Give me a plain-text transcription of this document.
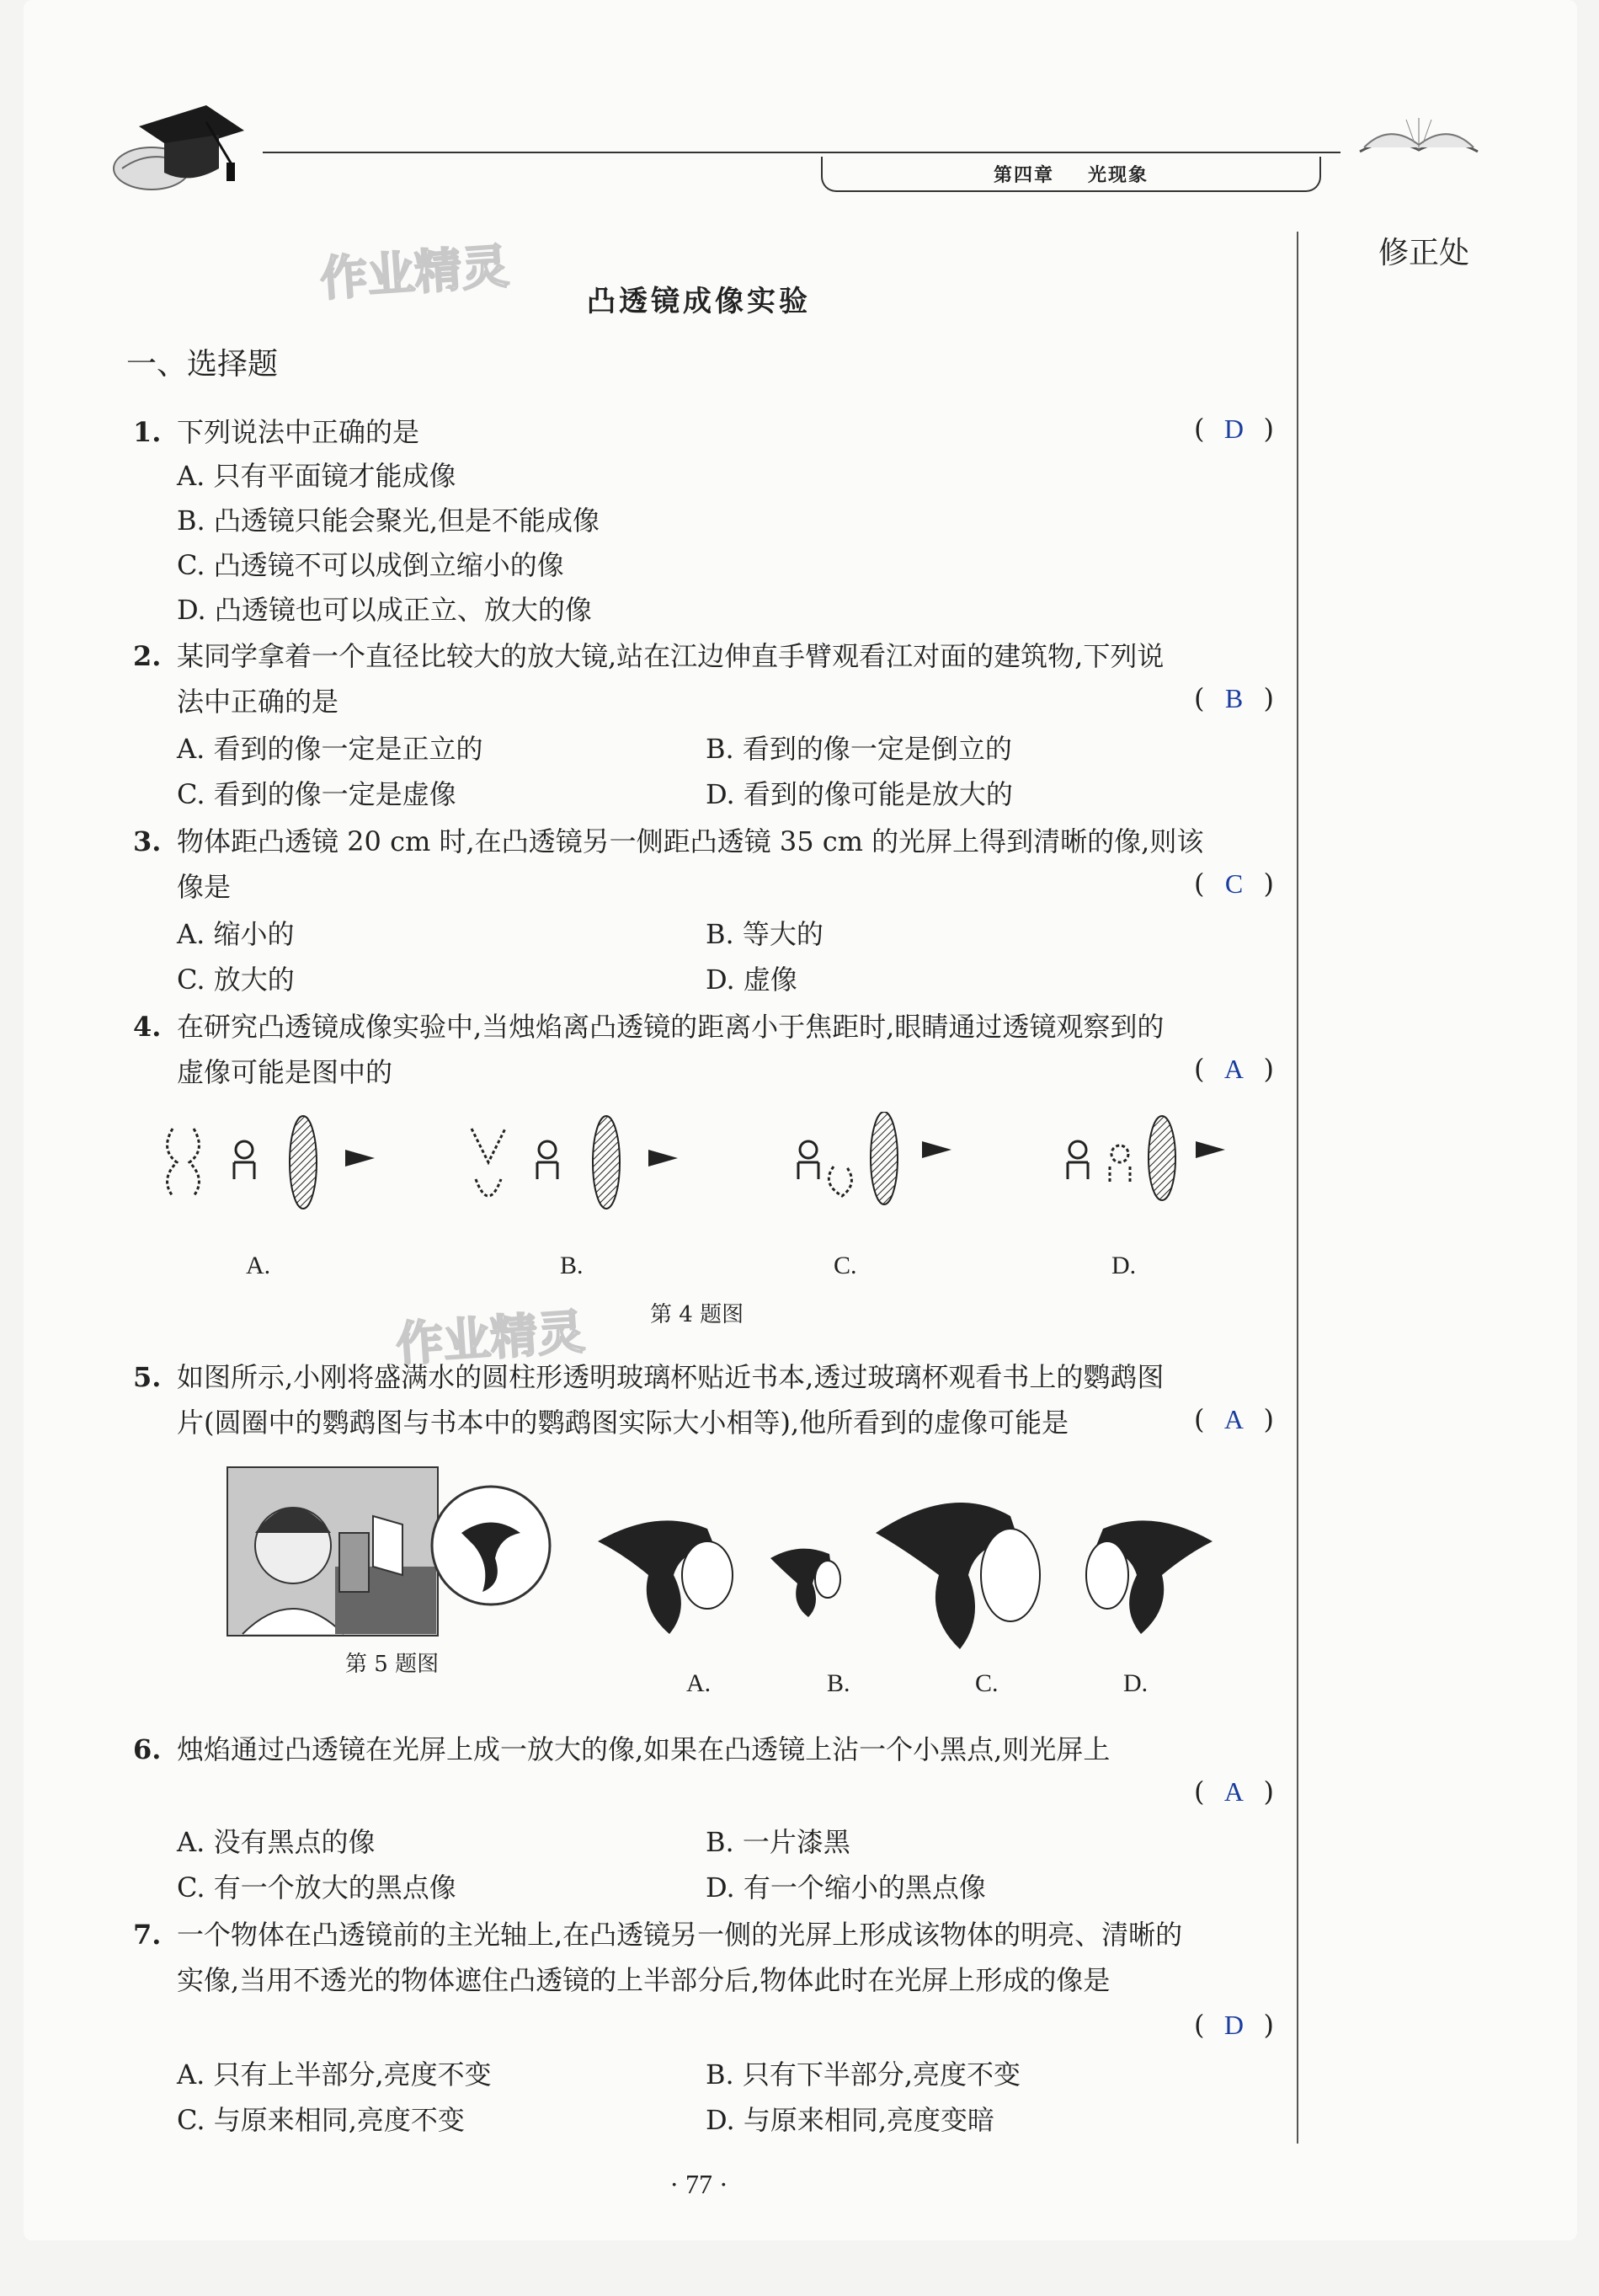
第四章 光现象
修正处
作业精灵
作业精灵
凸透镜成像实验
一、选择题
1. 下列说法中正确的是	( D )
A. 只有平面镜才能成像
B. 凸透镜只能会聚光,但是不能成像
C. 凸透镜不可以成倒立缩小的像
D. 凸透镜也可以成正立、放大的像
2. 某同学拿着一个直径比较大的放大镜,站在江边伸直手臂观看江对面的建筑物,下列说
法中正确的是	( B )
A. 看到的像一定是正立的	B. 看到的像一定是倒立的
C. 看到的像一定是虚像	D. 看到的像可能是放大的
3. 物体距凸透镜 20 cm 时,在凸透镜另一侧距凸透镜 35 cm 的光屏上得到清晰的像,则该
像是	( C )
A. 缩小的	B. 等大的
C. 放大的	D. 虚像
4. 在研究凸透镜成像实验中,当烛焰离凸透镜的距离小于焦距时,眼睛通过透镜观察到的
虚像可能是图中的	( A )
A.	B.	C.	D.
第 4 题图
5. 如图所示,小刚将盛满水的圆柱形透明玻璃杯贴近书本,透过玻璃杯观看书上的鹦鹉图
片(圆圈中的鹦鹉图与书本中的鹦鹉图实际大小相等),他所看到的虚像可能是	( A )
第 5 题图
A.	B.	C.	D.
6. 烛焰通过凸透镜在光屏上成一放大的像,如果在凸透镜上沾一个小黑点,则光屏上
( A )
A. 没有黑点的像	B. 一片漆黑
C. 有一个放大的黑点像	D. 有一个缩小的黑点像
7. 一个物体在凸透镜前的主光轴上,在凸透镜另一侧的光屏上形成该物体的明亮、清晰的
实像,当用不透光的物体遮住凸透镜的上半部分后,物体此时在光屏上形成的像是
( D )
A. 只有上半部分,亮度不变	B. 只有下半部分,亮度不变
C. 与原来相同,亮度不变	D. 与原来相同,亮度变暗
· 77 ·
